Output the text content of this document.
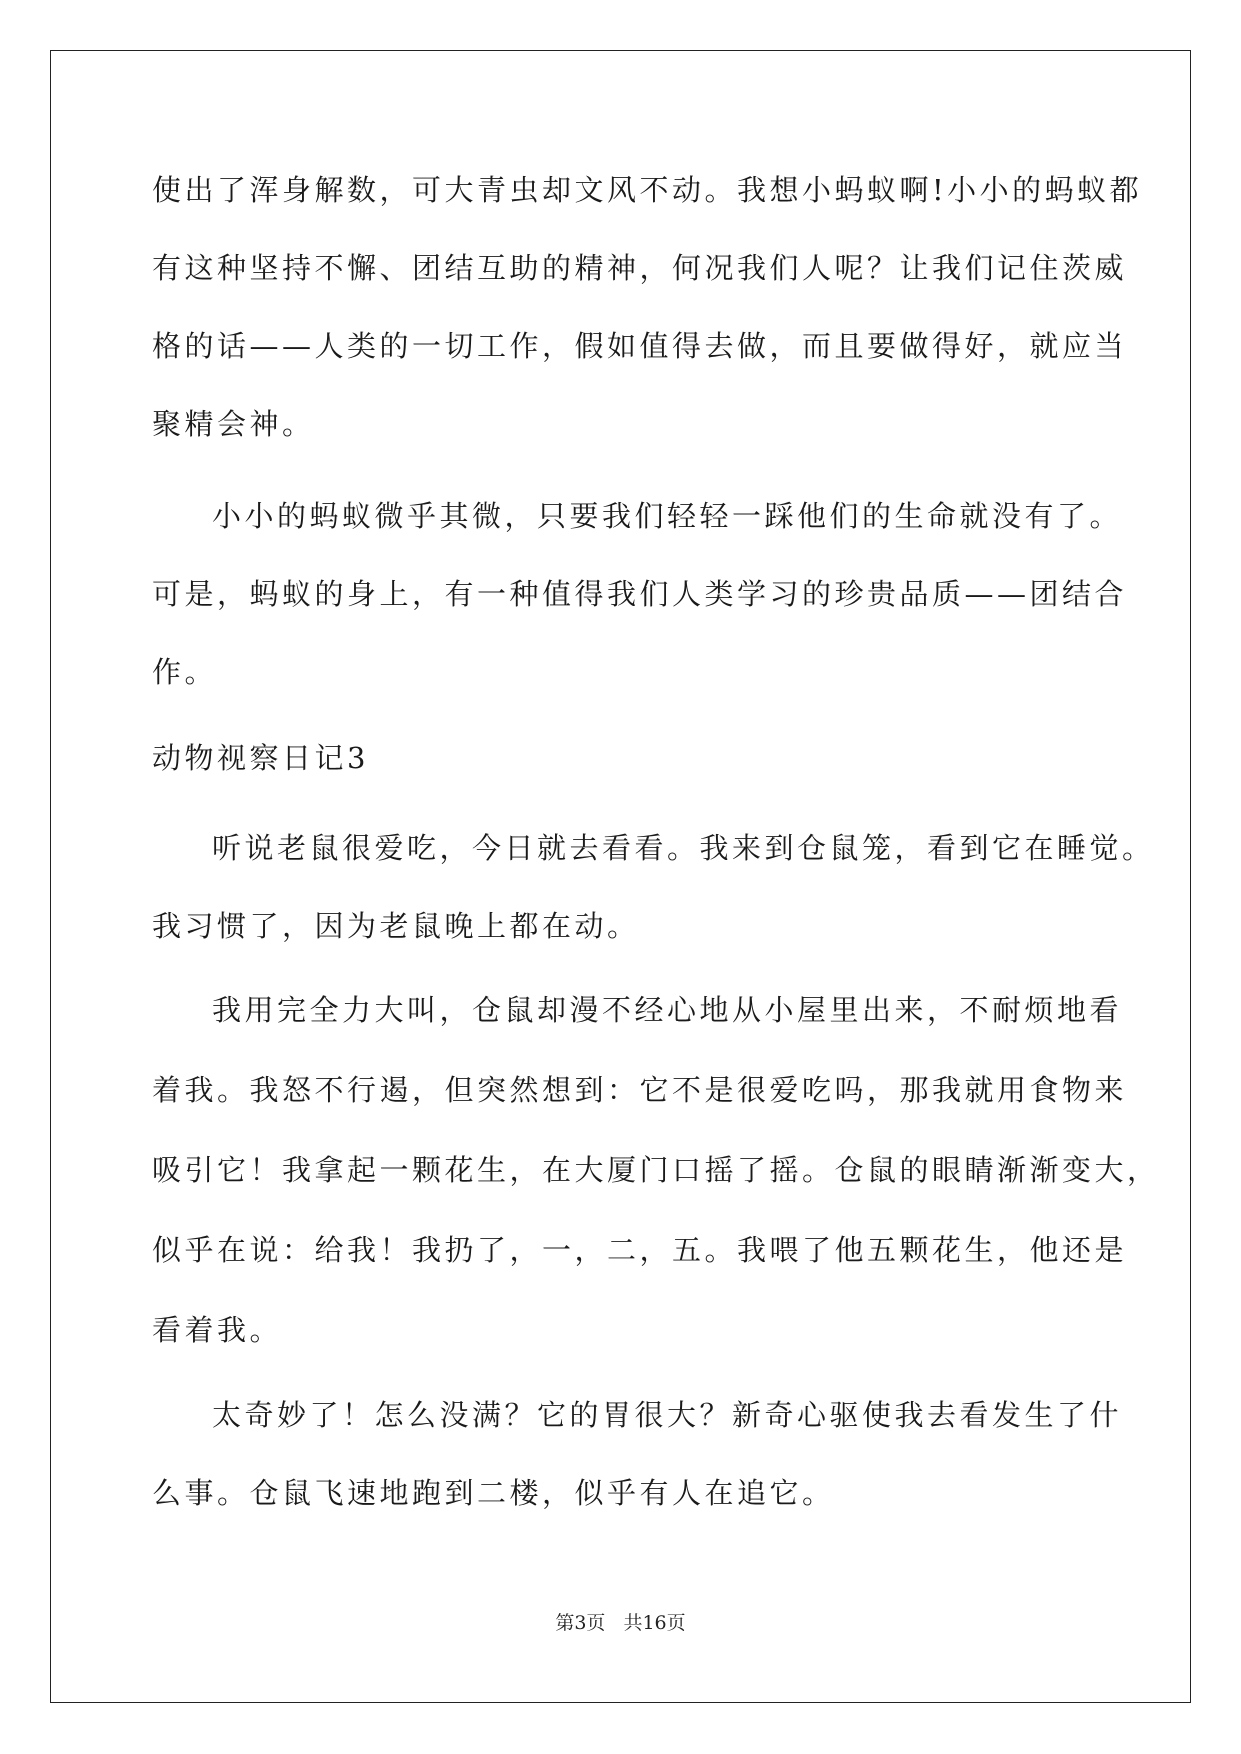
使出了浑身解数，可大青虫却文风不动。我想小蚂蚁啊!小小的蚂蚁都

有这种坚持不懈、团结互助的精神，何况我们人呢？让我们记住茨威

格的话——人类的一切工作，假如值得去做，而且要做得好，就应当

聚精会神。

小小的蚂蚁微乎其微，只要我们轻轻一踩他们的生命就没有了。

可是，蚂蚁的身上，有一种值得我们人类学习的珍贵品质——团结合

作。

动物视察日记3

听说老鼠很爱吃，今日就去看看。我来到仓鼠笼，看到它在睡觉。

我习惯了，因为老鼠晚上都在动。

我用完全力大叫，仓鼠却漫不经心地从小屋里出来，不耐烦地看

着我。我怒不行遏，但突然想到：它不是很爱吃吗，那我就用食物来

吸引它！我拿起一颗花生，在大厦门口摇了摇。仓鼠的眼睛渐渐变大，

似乎在说：给我！我扔了，一，二，五。我喂了他五颗花生，他还是

看着我。

太奇妙了！怎么没满？它的胃很大？新奇心驱使我去看发生了什

么事。仓鼠飞速地跑到二楼，似乎有人在追它。

第3页 共16页
